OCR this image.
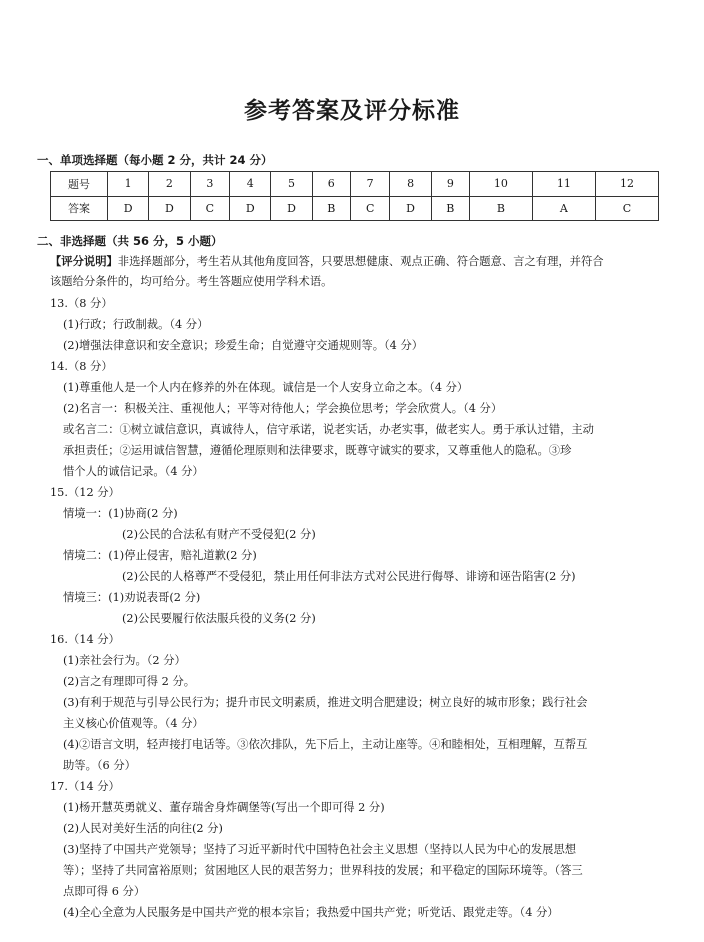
参考答案及评分标准
一、单项选择题（每小题 2 分，共计 24 分）
题号	1	2	3	4	5	6	7	8	9	10	11	12
答案	D	D	C	D	D	B	C	D	B	B	A	C
二、非选择题（共 56 分，5 小题）
【评分说明】非选择题部分，考生若从其他角度回答，只要思想健康、观点正确、符合题意、言之有理，并符合
该题给分条件的，均可给分。考生答题应使用学科术语。
13.（8 分）
(1)行政；行政制裁。（4 分）
(2)增强法律意识和安全意识；珍爱生命；自觉遵守交通规则等。（4 分）
14.（8 分）
(1)尊重他人是一个人内在修养的外在体现。诚信是一个人安身立命之本。（4 分）
(2)名言一：积极关注、重视他人；平等对待他人；学会换位思考；学会欣赏人。（4 分）
或名言二：①树立诚信意识，真诚待人，信守承诺，说老实话，办老实事，做老实人。勇于承认过错，主动
承担责任；②运用诚信智慧，遵循伦理原则和法律要求，既尊守诚实的要求，又尊重他人的隐私。③珍
惜个人的诚信记录。（4 分）
15.（12 分）
情境一：(1)协商(2 分)
(2)公民的合法私有财产不受侵犯(2 分)
情境二：(1)停止侵害，赔礼道歉(2 分)
(2)公民的人格尊严不受侵犯，禁止用任何非法方式对公民进行侮辱、诽谤和诬告陷害(2 分)
情境三：(1)劝说表哥(2 分)
(2)公民要履行依法服兵役的义务(2 分)
16.（14 分）
(1)亲社会行为。（2 分）
(2)言之有理即可得 2 分。
(3)有利于规范与引导公民行为；提升市民文明素质，推进文明合肥建设；树立良好的城市形象；践行社会
主义核心价值观等。（4 分）
(4)②语言文明，轻声接打电话等。③依次排队，先下后上，主动让座等。④和睦相处，互相理解，互帮互
助等。（6 分）
17.（14 分）
(1)杨开慧英勇就义、董存瑞舍身炸碉堡等(写出一个即可得 2 分)
(2)人民对美好生活的向往(2 分)
(3)坚持了中国共产党领导；坚持了习近平新时代中国特色社会主义思想（坚持以人民为中心的发展思想
等）；坚持了共同富裕原则；贫困地区人民的艰苦努力；世界科技的发展；和平稳定的国际环境等。（答三
点即可得 6 分）
(4)全心全意为人民服务是中国共产党的根本宗旨；我热爱中国共产党；听党话、跟党走等。（4 分）
